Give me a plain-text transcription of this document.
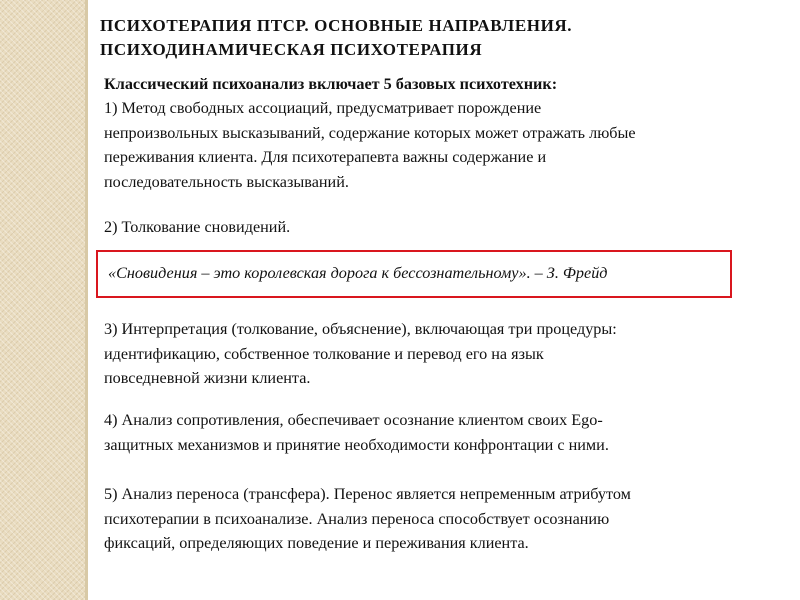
ПСИХОТЕРАПИЯ ПТСР. ОСНОВНЫЕ НАПРАВЛЕНИЯ.
ПСИХОДИНАМИЧЕСКАЯ ПСИХОТЕРАПИЯ
Классический психоанализ включает 5 базовых психотехник:
1) Метод свободных ассоциаций, предусматривает порождение
непроизвольных высказываний, содержание которых может отражать любые
переживания клиента. Для психотерапевта важны содержание и
последовательность высказываний.
2) Толкование сновидений.
«Сновидения – это королевская дорога к бессознательному». – З. Фрейд
3) Интерпретация (толкование, объяснение), включающая три процедуры:
идентификацию, собственное толкование и перевод его на язык
повседневной жизни клиента.
4) Анализ сопротивления, обеспечивает осознание клиентом своих Ego-
защитных механизмов и принятие необходимости конфронтации с ними.
5) Анализ переноса (трансфера). Перенос является непременным атрибутом
психотерапии в психоанализе. Анализ переноса способствует осознанию
фиксаций, определяющих поведение и переживания клиента.
